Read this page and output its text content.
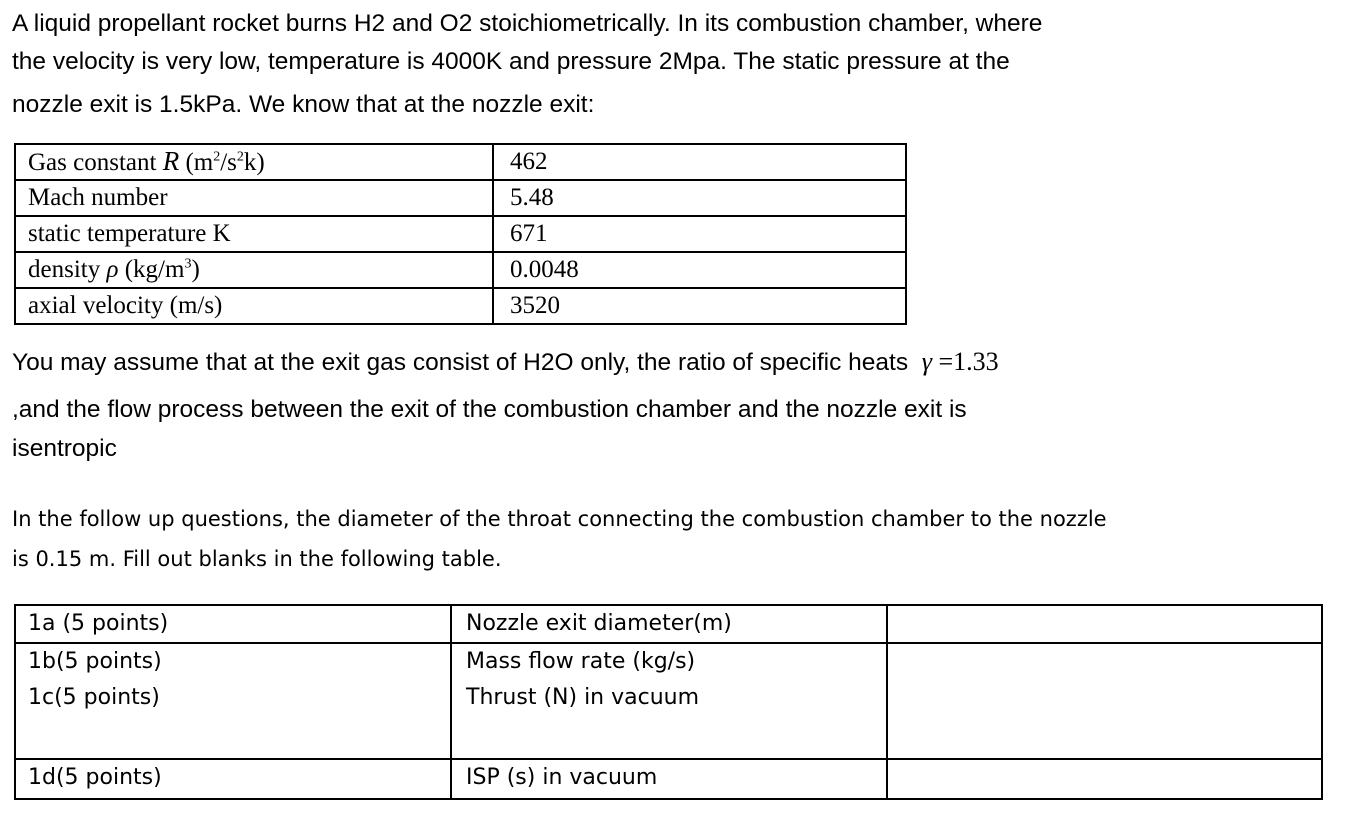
A liquid propellant rocket burns H2 and O2 stoichiometrically. In its combustion chamber, where

the velocity is very low, temperature is 4000K and pressure 2Mpa. The static pressure at the

nozzle exit is 1.5kPa. We know that at the nozzle exit:

Gas constant R $(m^2/s^2k)$	462
Mach number	5.48
static temperature K	671
density ρ $(kg/m^3)$	0.0048
axial velocity (m/s)	3520

You may assume that at the exit gas consist of H2O only, the ratio of specific heats γ =1.33

,and the flow process between the exit of the combustion chamber and the nozzle exit is

isentropic

In the follow up questions, the diameter of the throat connecting the combustion chamber to the nozzle

is 0.15 m. Fill out blanks in the following table.

1a (5 points)	Nozzle exit diameter(m)	
1b(5 points)	Mass flow rate (kg/s)	
1c(5 points)	Thrust (N) in vacuum	
1d(5 points)	ISP (s) in vacuum	
